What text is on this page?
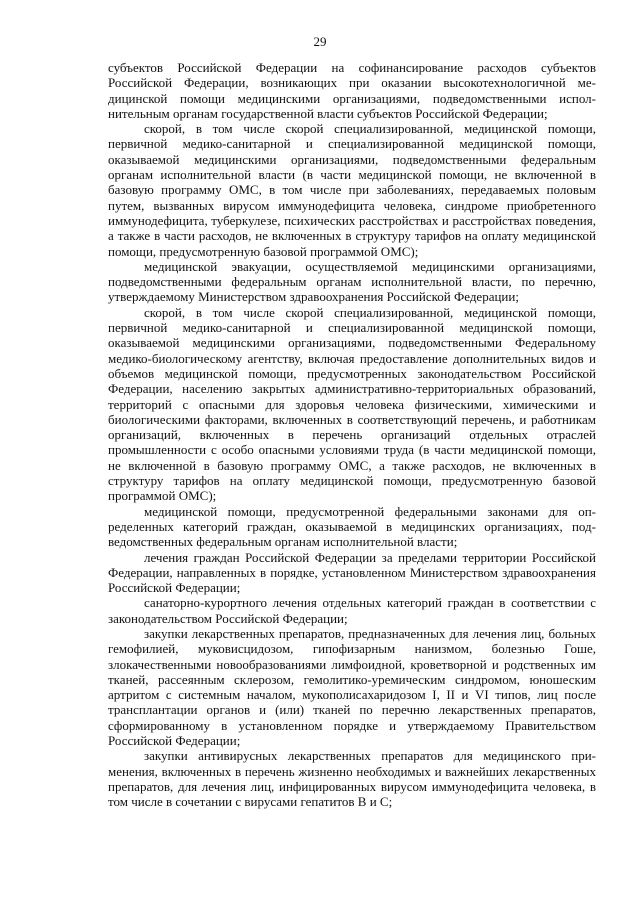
29

субъектов Российской Федерации на софинансирование расходов субъектов Российской Федерации, возникающих при оказании высокотехнологичной медицинской помощи медицинскими организациями, подведомственными исполнительным органам государственной власти субъектов Российской Федерации;

скорой, в том числе скорой специализированной, медицинской помощи, первичной медико-санитарной и специализированной медицинской помощи, оказываемой медицинскими организациями, подведомственными федеральным органам исполнительной власти (в части медицинской помощи, не включенной в базовую программу ОМС, в том числе при заболеваниях, передаваемых половым путем, вызванных вирусом иммунодефицита человека, синдроме приобретенного иммунодефицита, туберкулезе, психических расстройствах и расстройствах поведения, а также в части расходов, не включенных в структуру тарифов на оплату медицинской помощи, предусмотренную базовой программой ОМС);

медицинской эвакуации, осуществляемой медицинскими организациями, подведомственными федеральным органам исполнительной власти, по перечню, утверждаемому Министерством здравоохранения Российской Федерации;

скорой, в том числе скорой специализированной, медицинской помощи, первичной медико-санитарной и специализированной медицинской помощи, оказываемой медицинскими организациями, подведомственными Федеральному медико-биологическому агентству, включая предоставление дополнительных видов и объемов медицинской помощи, предусмотренных законодательством Российской Федерации, населению закрытых административно-территориальных образований, территорий с опасными для здоровья человека физическими, химическими и биологическими факторами, включенных в соответствующий перечень, и работникам организаций, включенных в перечень организаций отдельных отраслей промышленности с особо опасными условиями труда (в части медицинской помощи, не включенной в базовую программу ОМС, а также расходов, не включенных в структуру тарифов на оплату медицинской помощи, предусмотренную базовой программой ОМС);

медицинской помощи, предусмотренной федеральными законами для определенных категорий граждан, оказываемой в медицинских организациях, подведомственных федеральным органам исполнительной власти;

лечения граждан Российской Федерации за пределами территории Российской Федерации, направленных в порядке, установленном Министерством здравоохранения Российской Федерации;

санаторно-курортного лечения отдельных категорий граждан в соответствии с законодательством Российской Федерации;

закупки лекарственных препаратов, предназначенных для лечения лиц, больных гемофилией, муковисцидозом, гипофизарным нанизмом, болезнью Гоше, злокачественными новообразованиями лимфоидной, кроветворной и родственных им тканей, рассеянным склерозом, гемолитико-уремическим синдромом, юношеским артритом с системным началом, мукополисахаридозом I, II и VI типов, лиц после трансплантации органов и (или) тканей по перечню лекарственных препаратов, сформированному в установленном порядке и утверждаемому Правительством Российской Федерации;

закупки антивирусных лекарственных препаратов для медицинского применения, включенных в перечень жизненно необходимых и важнейших лекарственных препаратов, для лечения лиц, инфицированных вирусом иммунодефицита человека, в том числе в сочетании с вирусами гепатитов B и C;
